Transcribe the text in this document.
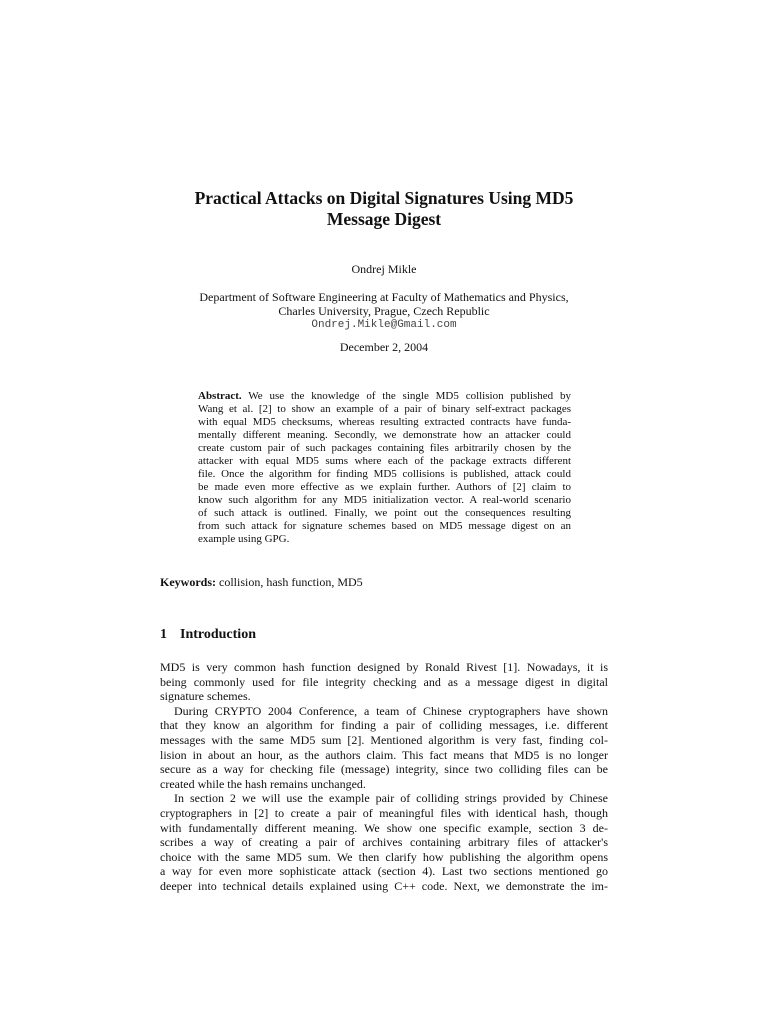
Practical Attacks on Digital Signatures Using MD5
Message Digest
Ondrej Mikle
Department of Software Engineering at Faculty of Mathematics and Physics,
Charles University, Prague, Czech Republic
Ondrej.Mikle@Gmail.com
December 2, 2004
Abstract. We use the knowledge of the single MD5 collision published by
Wang et al. [2] to show an example of a pair of binary self-extract packages
with equal MD5 checksums, whereas resulting extracted contracts have funda-
mentally different meaning. Secondly, we demonstrate how an attacker could
create custom pair of such packages containing files arbitrarily chosen by the
attacker with equal MD5 sums where each of the package extracts different
file. Once the algorithm for finding MD5 collisions is published, attack could
be made even more effective as we explain further. Authors of [2] claim to
know such algorithm for any MD5 initialization vector. A real-world scenario
of such attack is outlined. Finally, we point out the consequences resulting
from such attack for signature schemes based on MD5 message digest on an
example using GPG.
Keywords: collision, hash function, MD5
1 Introduction
MD5 is very common hash function designed by Ronald Rivest [1]. Nowadays, it is
being commonly used for file integrity checking and as a message digest in digital
signature schemes.
During CRYPTO 2004 Conference, a team of Chinese cryptographers have shown
that they know an algorithm for finding a pair of colliding messages, i.e. different
messages with the same MD5 sum [2]. Mentioned algorithm is very fast, finding col-
lision in about an hour, as the authors claim. This fact means that MD5 is no longer
secure as a way for checking file (message) integrity, since two colliding files can be
created while the hash remains unchanged.
In section 2 we will use the example pair of colliding strings provided by Chinese
cryptographers in [2] to create a pair of meaningful files with identical hash, though
with fundamentally different meaning. We show one specific example, section 3 de-
scribes a way of creating a pair of archives containing arbitrary files of attacker's
choice with the same MD5 sum. We then clarify how publishing the algorithm opens
a way for even more sophisticate attack (section 4). Last two sections mentioned go
deeper into technical details explained using C++ code. Next, we demonstrate the im-
